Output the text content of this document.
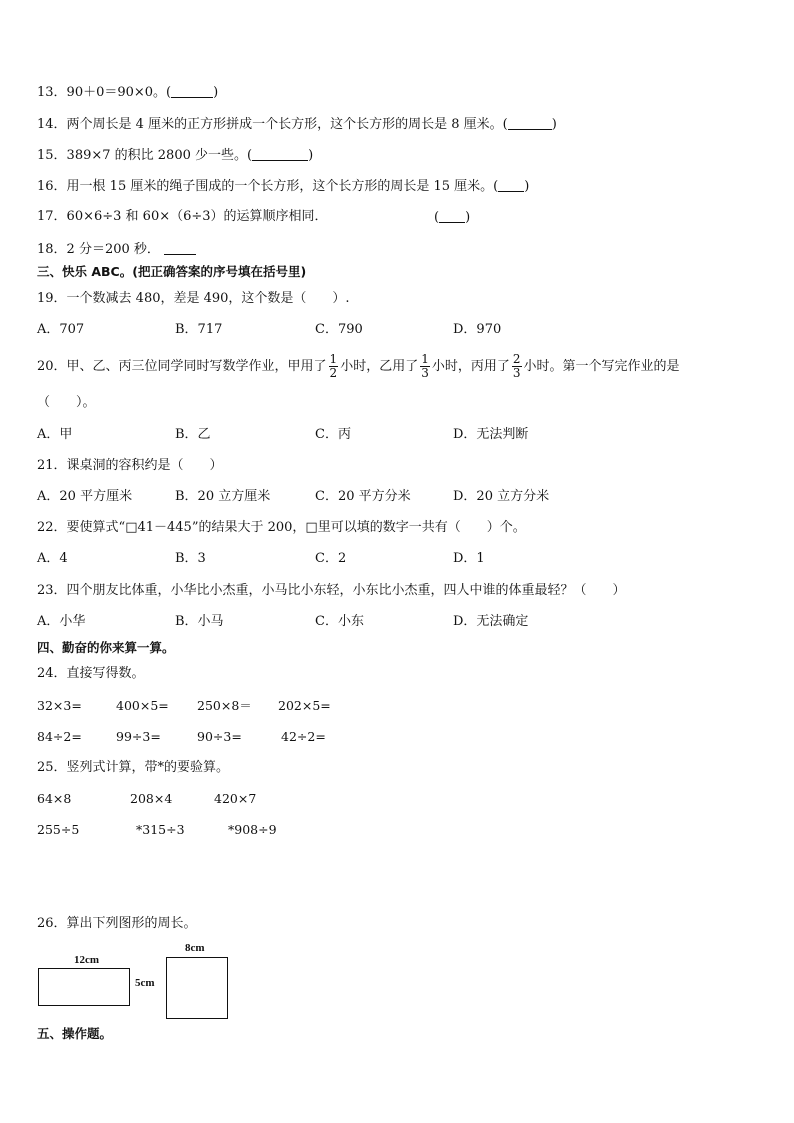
13．90＋0＝90×0。(	)
14．两个周长是 4 厘米的正方形拼成一个长方形，这个长方形的周长是 8 厘米。(	)
15．389×7 的积比 2800 少一些。(	)
16．用一根 15 厘米的绳子围成的一个长方形，这个长方形的周长是 15 厘米。( )
17．60×6÷3 和 60×（6÷3）的运算顺序相同．	( )
18．2 分＝200 秒．
三、快乐 ABC。(把正确答案的序号填在括号里)
19．一个数减去 480，差是 490，这个数是（　　）.
A．707	B．717	C．790	D．970
20．甲、乙、丙三位同学同时写数学作业，甲用了 $\frac{1}{2}$ 小时，乙用了 $\frac{1}{3}$ 小时，丙用了 $\frac{2}{3}$ 小时。第一个写完作业的是
（　　）。
A．甲	B．乙	C．丙	D．无法判断
21．课桌洞的容积约是（　　）
A．20 平方厘米	B．20 立方厘米	C．20 平方分米	D．20 立方分米
22．要使算式“□41－445”的结果大于 200，□里可以填的数字一共有（　　）个。
A．4	B．3	C．2	D．1
23．四个朋友比体重，小华比小杰重，小马比小东轻，小东比小杰重，四人中谁的体重最轻？（　　）
A．小华	B．小马	C．小东	D．无法确定
四、勤奋的你来算一算。
24．直接写得数。
32×3=	400×5= 250×8＝ 202×5=
84÷2=	99÷3=	90÷3=	42÷2=
25．竖列式计算，带*的要验算。
64×8	208×4	420×7
255÷5	*315÷3	*908÷9
26．算出下列图形的周长。
12cm
5cm
8cm
五、操作题。
